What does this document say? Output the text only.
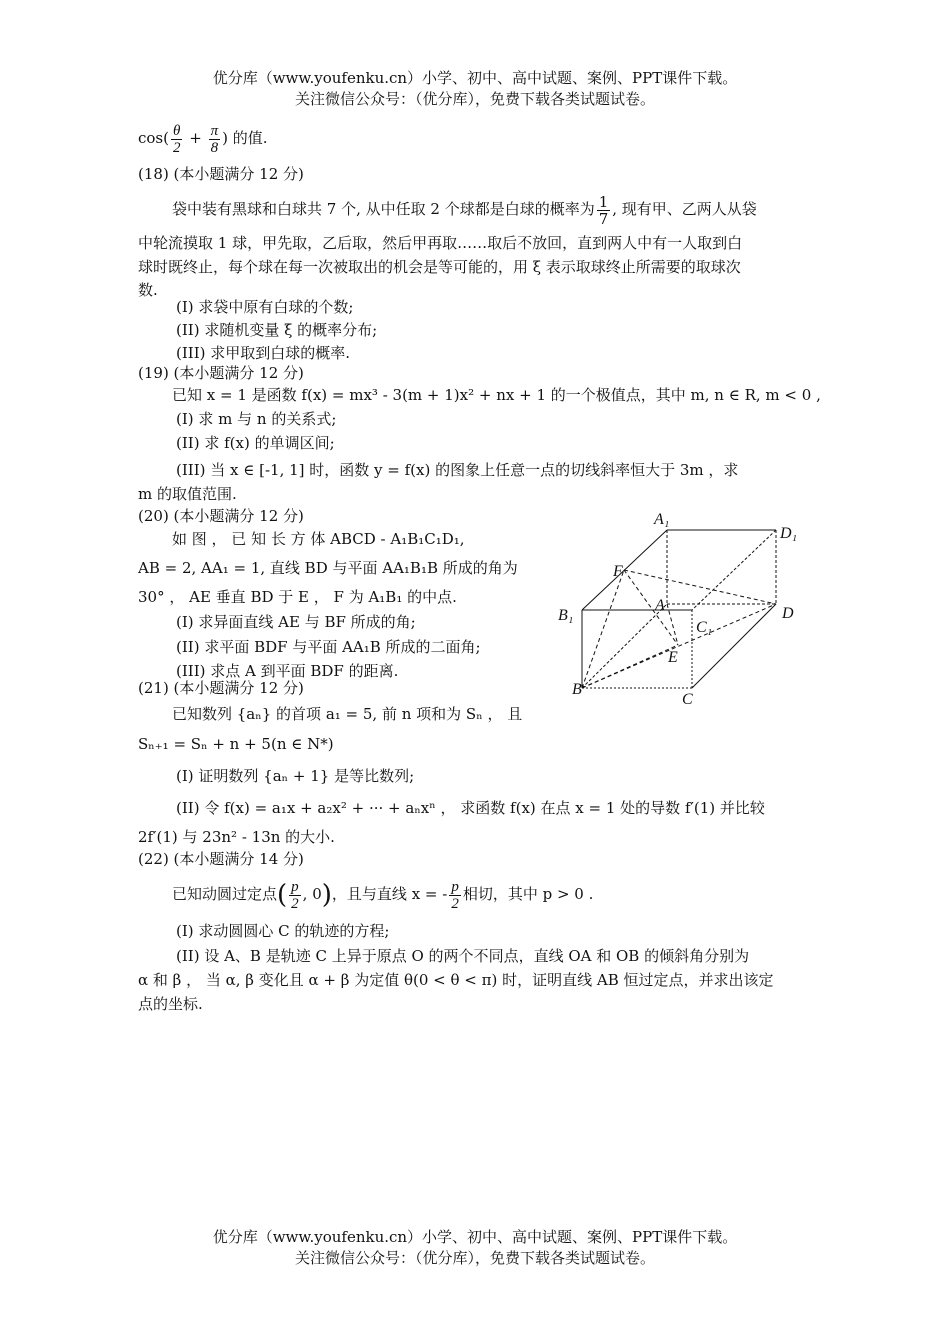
优分库（www.youfenku.cn）小学、初中、高中试题、案例、PPT课件下载。
关注微信公众号：（优分库），免费下载各类试题试卷。
$\cos( \frac{\theta}{2} + \frac{\pi}{8}$ ) 的值.
(18) (本小题满分 12 分)
袋中装有黑球和白球共 7 个, 从中任取 2 个球都是白球的概率为 $\frac{1}{7}$ , 现有甲、乙两人从袋
中轮流摸取 1 球，甲先取，乙后取，然后甲再取……取后不放回，直到两人中有一人取到白
球时既终止，每个球在每一次被取出的机会是等可能的，用 ξ 表示取球终止所需要的取球次
数.
(I) 求袋中原有白球的个数;
(II) 求随机变量 ξ 的概率分布;
(III) 求甲取到白球的概率.
(19) (本小题满分 12 分)
已知 x = 1 是函数 f(x) = mx³ - 3(m + 1)x² + nx + 1 的一个极值点，其中 m, n ∈ R, m < 0 ,
(I) 求 m 与 n 的关系式;
(II) 求 f(x) 的单调区间;
(III) 当 x ∈ [-1, 1] 时，函数 y = f(x) 的图象上任意一点的切线斜率恒大于 3m ，求
m 的取值范围.
(20) (本小题满分 12 分)
如 图 ， 已 知 长 方 体 ABCD - A₁B₁C₁D₁,
AB = 2, AA₁ = 1, 直线 BD 与平面 AA₁B₁B 所成的角为
30° ， AE 垂直 BD 于 E ， F 为 A₁B₁ 的中点.
(I) 求异面直线 AE 与 BF 所成的角;
(II) 求平面 BDF 与平面 AA₁B 所成的二面角;
(III) 求点 A 到平面 BDF 的距离.
A₁
D₁
F
A	D
B₁
C₁
E
B
C
(21) (本小题满分 12 分)
已知数列 {aₙ} 的首项 a₁ = 5, 前 n 项和为 Sₙ ， 且
Sₙ₊₁ = Sₙ + n + 5(n ∈ N*)
(I) 证明数列 {aₙ + 1} 是等比数列;
(II) 令 f(x) = a₁x + a₂x² + ··· + aₙxⁿ ， 求函数 f(x) 在点 x = 1 处的导数 f′(1) 并比较
2f′(1) 与 23n² - 13n 的大小.
(22) (本小题满分 14 分)
已知动圆过定点( $\frac{p}{2}$ , 0)，且与直线 x = - $\frac{p}{2}$ 相切，其中 p > 0 .
(I) 求动圆圆心 C 的轨迹的方程;
(II) 设 A、B 是轨迹 C 上异于原点 O 的两个不同点，直线 OA 和 OB 的倾斜角分别为
α 和 β ， 当 α, β 变化且 α + β 为定值 θ(0 < θ < π) 时，证明直线 AB 恒过定点，并求出该定
点的坐标.
优分库（www.youfenku.cn）小学、初中、高中试题、案例、PPT课件下载。
关注微信公众号：（优分库），免费下载各类试题试卷。
